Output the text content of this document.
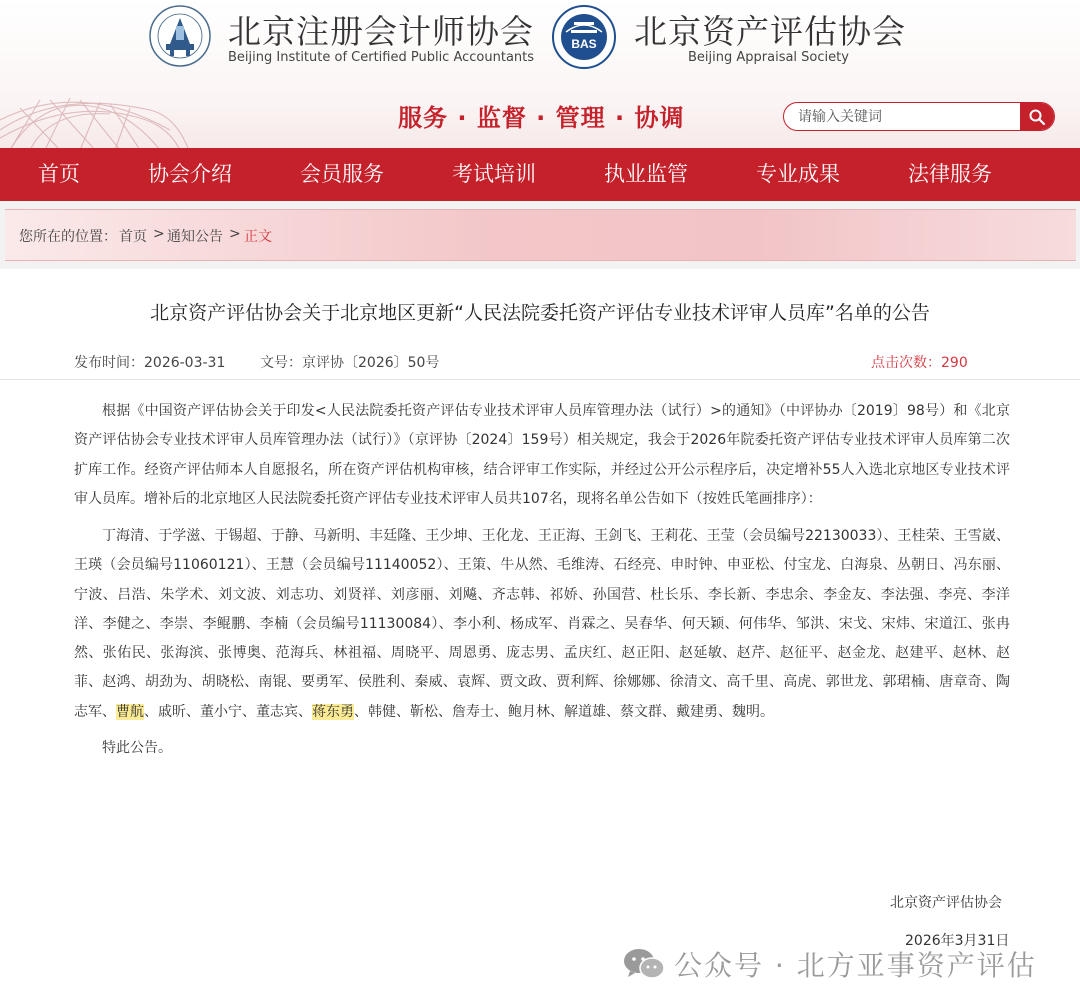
北京注册会计师协会
Beijing Institute of Certified Public Accountants
BAS 北京资产评估协会
Beijing Appraisal Society
服务 · 监督 · 管理 · 协调
请输入关键词
首页	协会介绍	会员服务	考试培训	执业监管	专业成果	法律服务
您所在的位置： 首页 > 通知公告 > 正文
北京资产评估协会关于北京地区更新“人民法院委托资产评估专业技术评审人员库”名单的公告
发布时间：2026-03-31 文号：京评协〔2026〕50号	点击次数：290
根据《中国资产评估协会关于印发<人民法院委托资产评估专业技术评审人员库管理办法（试行）>的通知》（中评协办〔2019〕98号）和《北京资产评估协会专业技术评审人员库管理办法（试行）》（京评协〔2024〕159号）相关规定，我会于2026年院委托资产评估专业技术评审人员库第二次扩库工作。经资产评估师本人自愿报名，所在资产评估机构审核，结合评审工作实际，并经过公开公示程序后，决定增补55人入选北京地区专业技术评审人员库。增补后的北京地区人民法院委托资产评估专业技术评审人员共107名，现将名单公告如下（按姓氏笔画排序）：
丁海清、于学滋、于锡超、于静、马新明、丰廷隆、王少坤、王化龙、王正海、王剑飞、王莉花、王莹（会员编号22130033）、王桂荣、王雪崴、王瑛（会员编号11060121）、王慧（会员编号11140052）、王策、牛从然、毛维涛、石经亮、申时钟、申亚松、付宝龙、白海泉、丛朝日、冯东丽、宁波、吕浩、朱学术、刘文波、刘志功、刘贤祥、刘彦丽、刘飚、齐志韩、祁娇、孙国营、杜长乐、李长新、李忠余、李金友、李法强、李亮、李洋洋、李健之、李崇、李鲲鹏、李楠（会员编号11130084）、李小利、杨成军、肖霖之、吴春华、何天颖、何伟华、邹洪、宋戈、宋炜、宋道江、张冉然、张佑民、张海滨、张博奥、范海兵、林祖福、周晓平、周恩勇、庞志男、孟庆红、赵正阳、赵延敏、赵芹、赵征平、赵金龙、赵建平、赵林、赵菲、赵鸿、胡劲为、胡晓松、南锟、要勇军、侯胜利、秦威、袁辉、贾文政、贾利辉、徐娜娜、徐清文、高千里、高虎、郭世龙、郭珺楠、唐章奇、陶志军、曹航、戚昕、董小宁、董志宾、蒋东勇、韩健、靳松、詹寿士、鲍月林、解道雄、蔡文群、戴建勇、魏明。
特此公告。
北京资产评估协会
2026年3月31日
公众号 · 北方亚事资产评估
